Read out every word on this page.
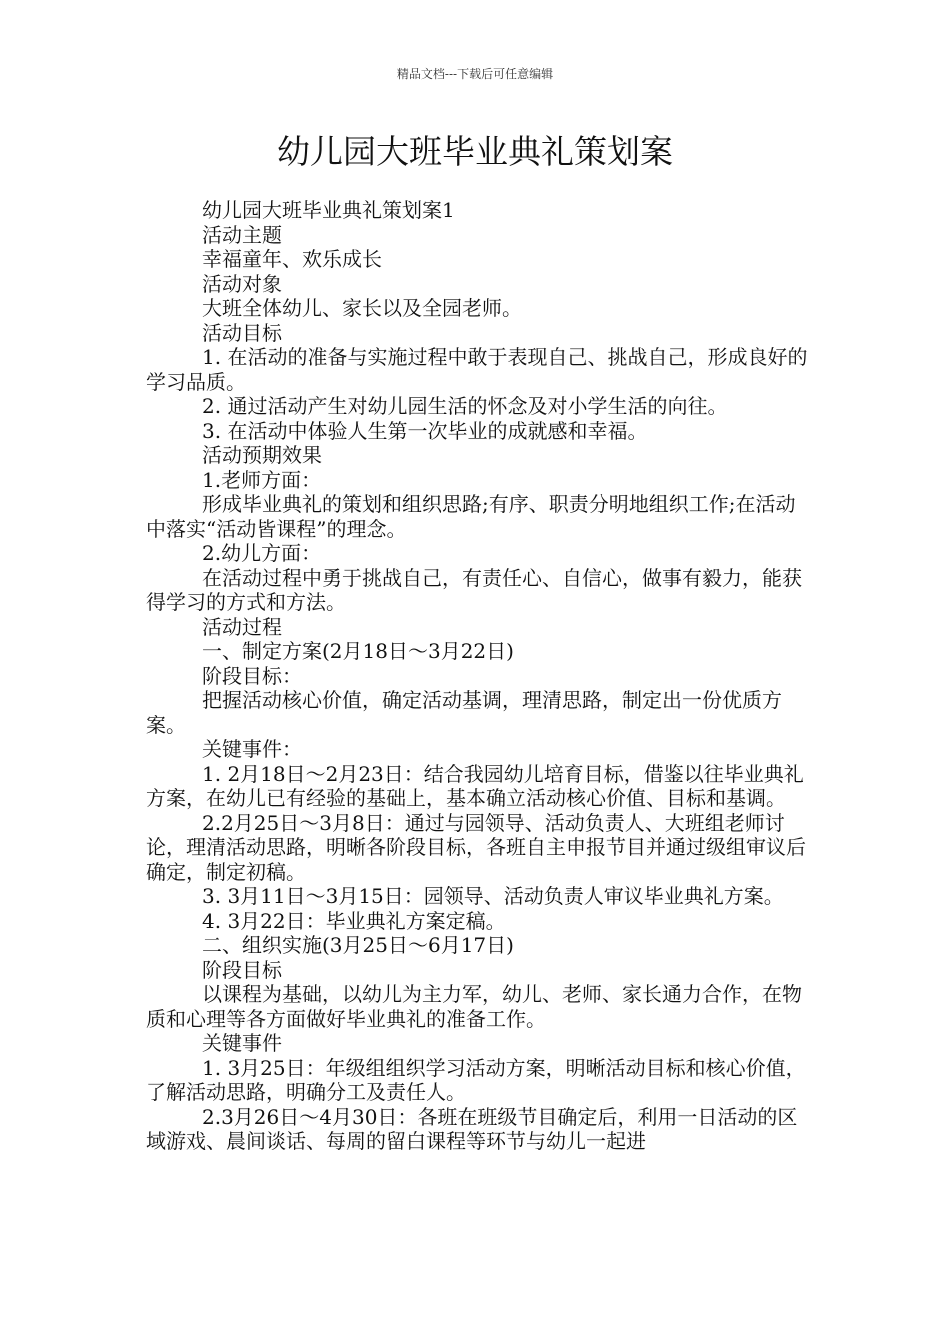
精品文档---下载后可任意编辑
幼儿园大班毕业典礼策划案

幼儿园大班毕业典礼策划案1

活动主题

幸福童年、欢乐成长

活动对象

大班全体幼儿、家长以及全园老师。

活动目标

1. 在活动的准备与实施过程中敢于表现自己、挑战自己，形成良好的学习品质。

2. 通过活动产生对幼儿园生活的怀念及对小学生活的向往。

3. 在活动中体验人生第一次毕业的成就感和幸福。

活动预期效果

1.老师方面：

形成毕业典礼的策划和组织思路;有序、职责分明地组织工作;在活动中落实“活动皆课程”的理念。

2.幼儿方面：

在活动过程中勇于挑战自己，有责任心、自信心，做事有毅力，能获得学习的方式和方法。

活动过程

一、制定方案(2月18日～3月22日)

阶段目标：

把握活动核心价值，确定活动基调，理清思路，制定出一份优质方案。

关键事件：

1. 2月18日～2月23日：结合我园幼儿培育目标，借鉴以往毕业典礼方案，在幼儿已有经验的基础上，基本确立活动核心价值、目标和基调。

2.2月25日～3月8日：通过与园领导、活动负责人、大班组老师讨论，理清活动思路，明晰各阶段目标，各班自主申报节目并通过级组审议后确定，制定初稿。

3. 3月11日～3月15日：园领导、活动负责人审议毕业典礼方案。

4. 3月22日：毕业典礼方案定稿。

二、组织实施(3月25日～6月17日)

阶段目标

以课程为基础，以幼儿为主力军，幼儿、老师、家长通力合作，在物质和心理等各方面做好毕业典礼的准备工作。

关键事件

1. 3月25日：年级组组织学习活动方案，明晰活动目标和核心价值，了解活动思路，明确分工及责任人。

2.3月26日～4月30日：各班在班级节目确定后，利用一日活动的区域游戏、晨间谈话、每周的留白课程等环节与幼儿一起进
